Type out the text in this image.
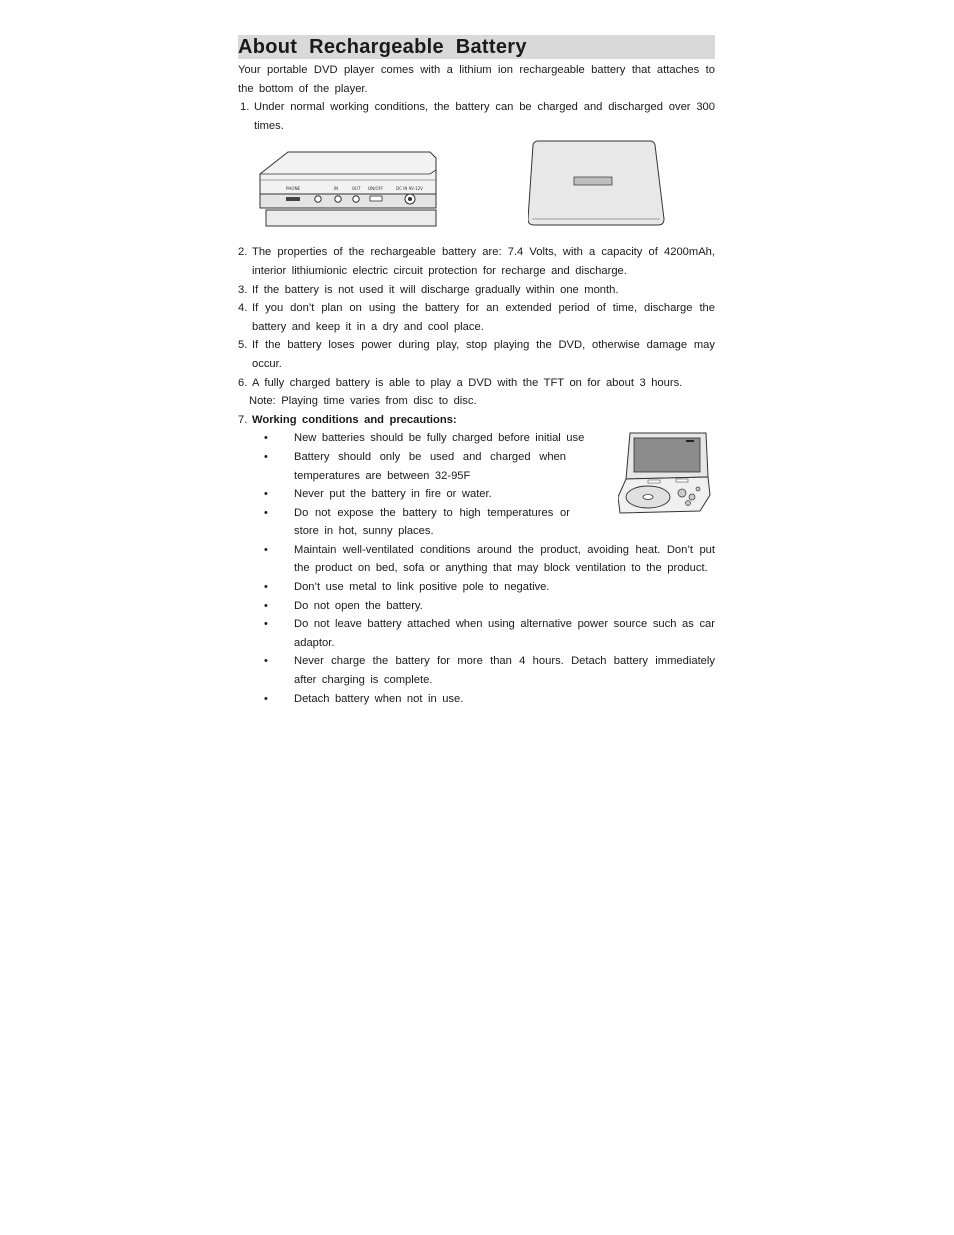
About Rechargeable Battery
Your portable DVD player comes with a lithium ion rechargeable battery that attaches to the bottom of the player.
1. Under normal working conditions, the battery can be charged and discharged over 300 times.
PHONE	IN	OUT ON/OFF	DC IN 9V-12V
2. The properties of the rechargeable battery are: 7.4 Volts, with a capacity of 4200mAh, interior lithiumionic electric circuit protection for recharge and discharge.
3. If the battery is not used it will discharge gradually within one month.
4. If you don’t plan on using the battery for an extended period of time, discharge the battery and keep it in a dry and cool place.
5. If the battery loses power during play, stop playing the DVD, otherwise damage may occur.
6. A fully charged battery is able to play a DVD with the TFT on for about 3 hours.
Note: Playing time varies from disc to disc.
7. Working conditions and precautions:
•	New batteries should be fully charged before initial use
•	Battery should only be used and charged when temperatures are between 32-95F
•	Never put the battery in fire or water.
•	Do not expose the battery to high temperatures or store in hot, sunny places.
•	Maintain well-ventilated conditions around the product, avoiding heat. Don’t put the product on bed, sofa or anything that may block ventilation to the product.
•	Don’t use metal to link positive pole to negative.
•	Do not open the battery.
•	Do not leave battery attached when using alternative power source such as car adaptor.
•	Never charge the battery for more than 4 hours. Detach battery immediately after charging is complete.
•	Detach battery when not in use.
